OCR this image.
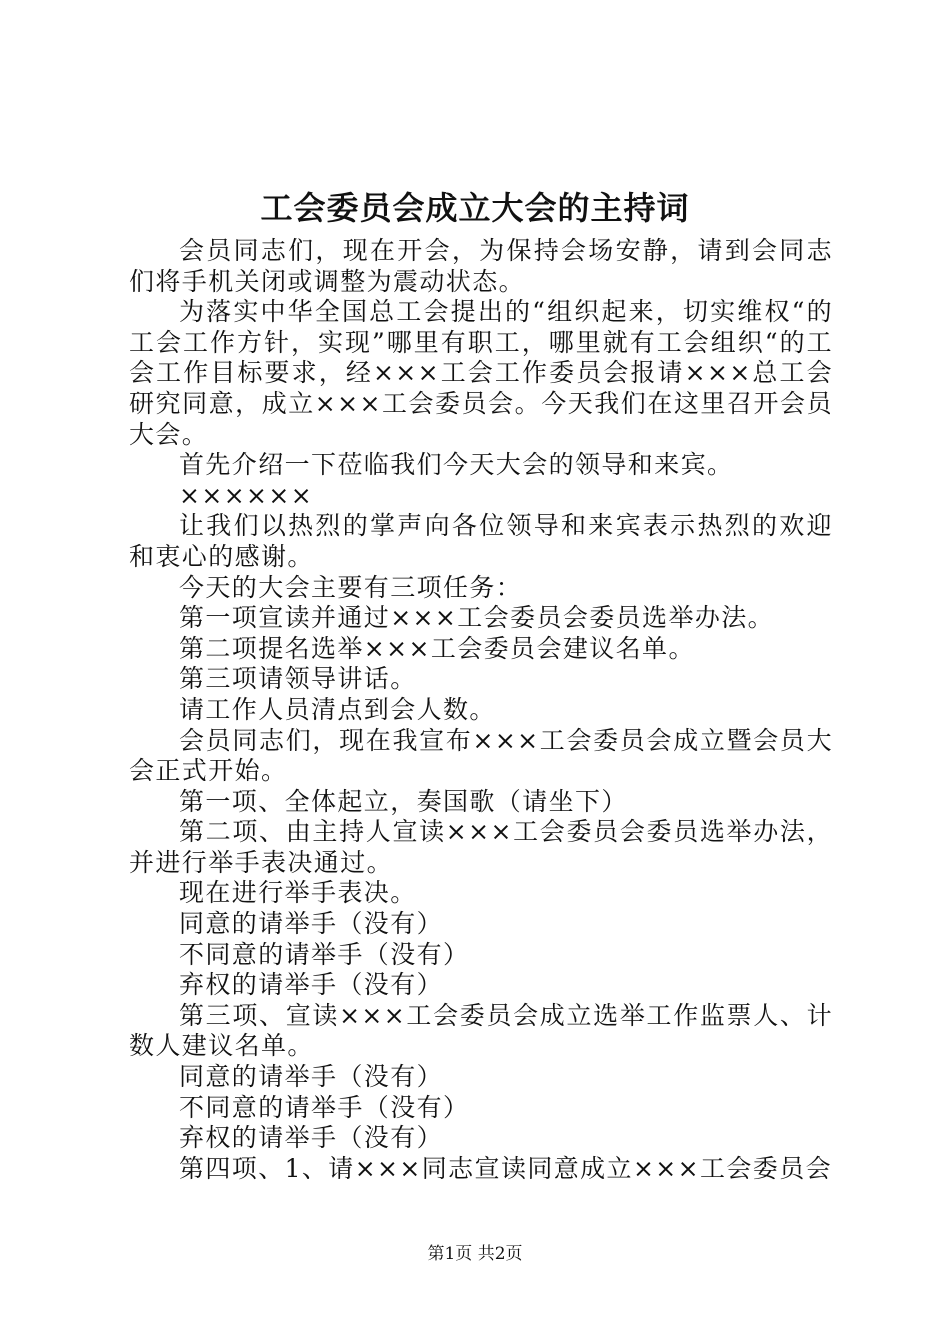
工会委员会成立大会的主持词

会员同志们，现在开会，为保持会场安静，请到会同志们将手机关闭或调整为震动状态。

为落实中华全国总工会提出的“组织起来，切实维权“的工会工作方针，实现”哪里有职工，哪里就有工会组织“的工会工作目标要求，经×××工会工作委员会报请×××总工会研究同意，成立×××工会委员会。今天我们在这里召开会员大会。

首先介绍一下莅临我们今天大会的领导和来宾。

××××××

让我们以热烈的掌声向各位领导和来宾表示热烈的欢迎和衷心的感谢。

今天的大会主要有三项任务：

第一项宣读并通过×××工会委员会委员选举办法。

第二项提名选举×××工会委员会建议名单。

第三项请领导讲话。

请工作人员清点到会人数。

会员同志们，现在我宣布×××工会委员会成立暨会员大会正式开始。

第一项、全体起立，奏国歌（请坐下）

第二项、由主持人宣读×××工会委员会委员选举办法，并进行举手表决通过。

现在进行举手表决。

同意的请举手（没有）

不同意的请举手（没有）

弃权的请举手（没有）

第三项、宣读×××工会委员会成立选举工作监票人、计数人建议名单。

同意的请举手（没有）

不同意的请举手（没有）

弃权的请举手（没有）

第四项、1、请×××同志宣读同意成立×××工会委员会

第1页 共2页
